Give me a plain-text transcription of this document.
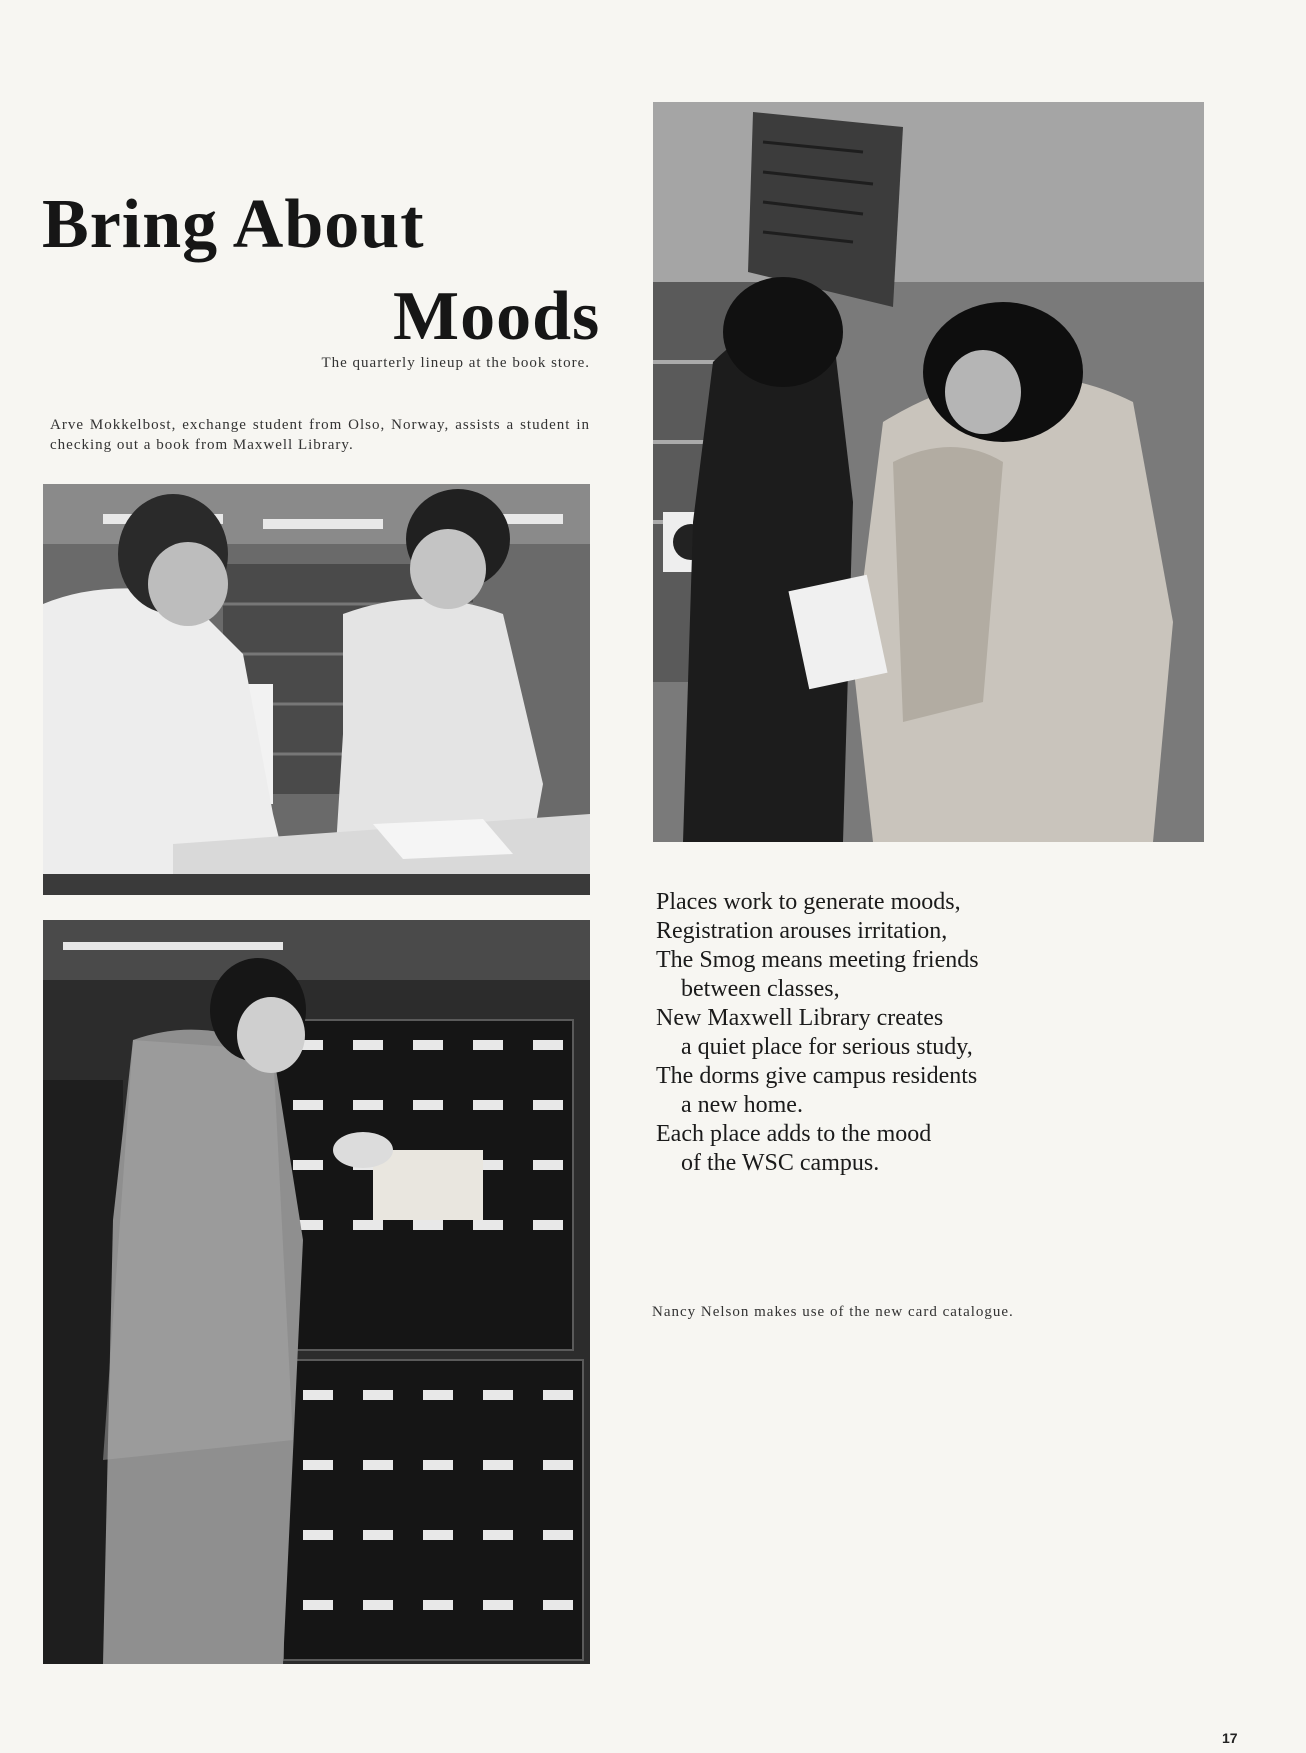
Bring About
Moods
The quarterly lineup at the book store.
Arve Mokkelbost, exchange student from Olso, Norway, assists a student in checking out a book from Maxwell Library.
Places work to generate moods,
Registration arouses irritation,
The Smog means meeting friends
between classes,
New Maxwell Library creates
a quiet place for serious study,
The dorms give campus residents
a new home.
Each place adds to the mood
of the WSC campus.
Nancy Nelson makes use of the new card catalogue.
17
